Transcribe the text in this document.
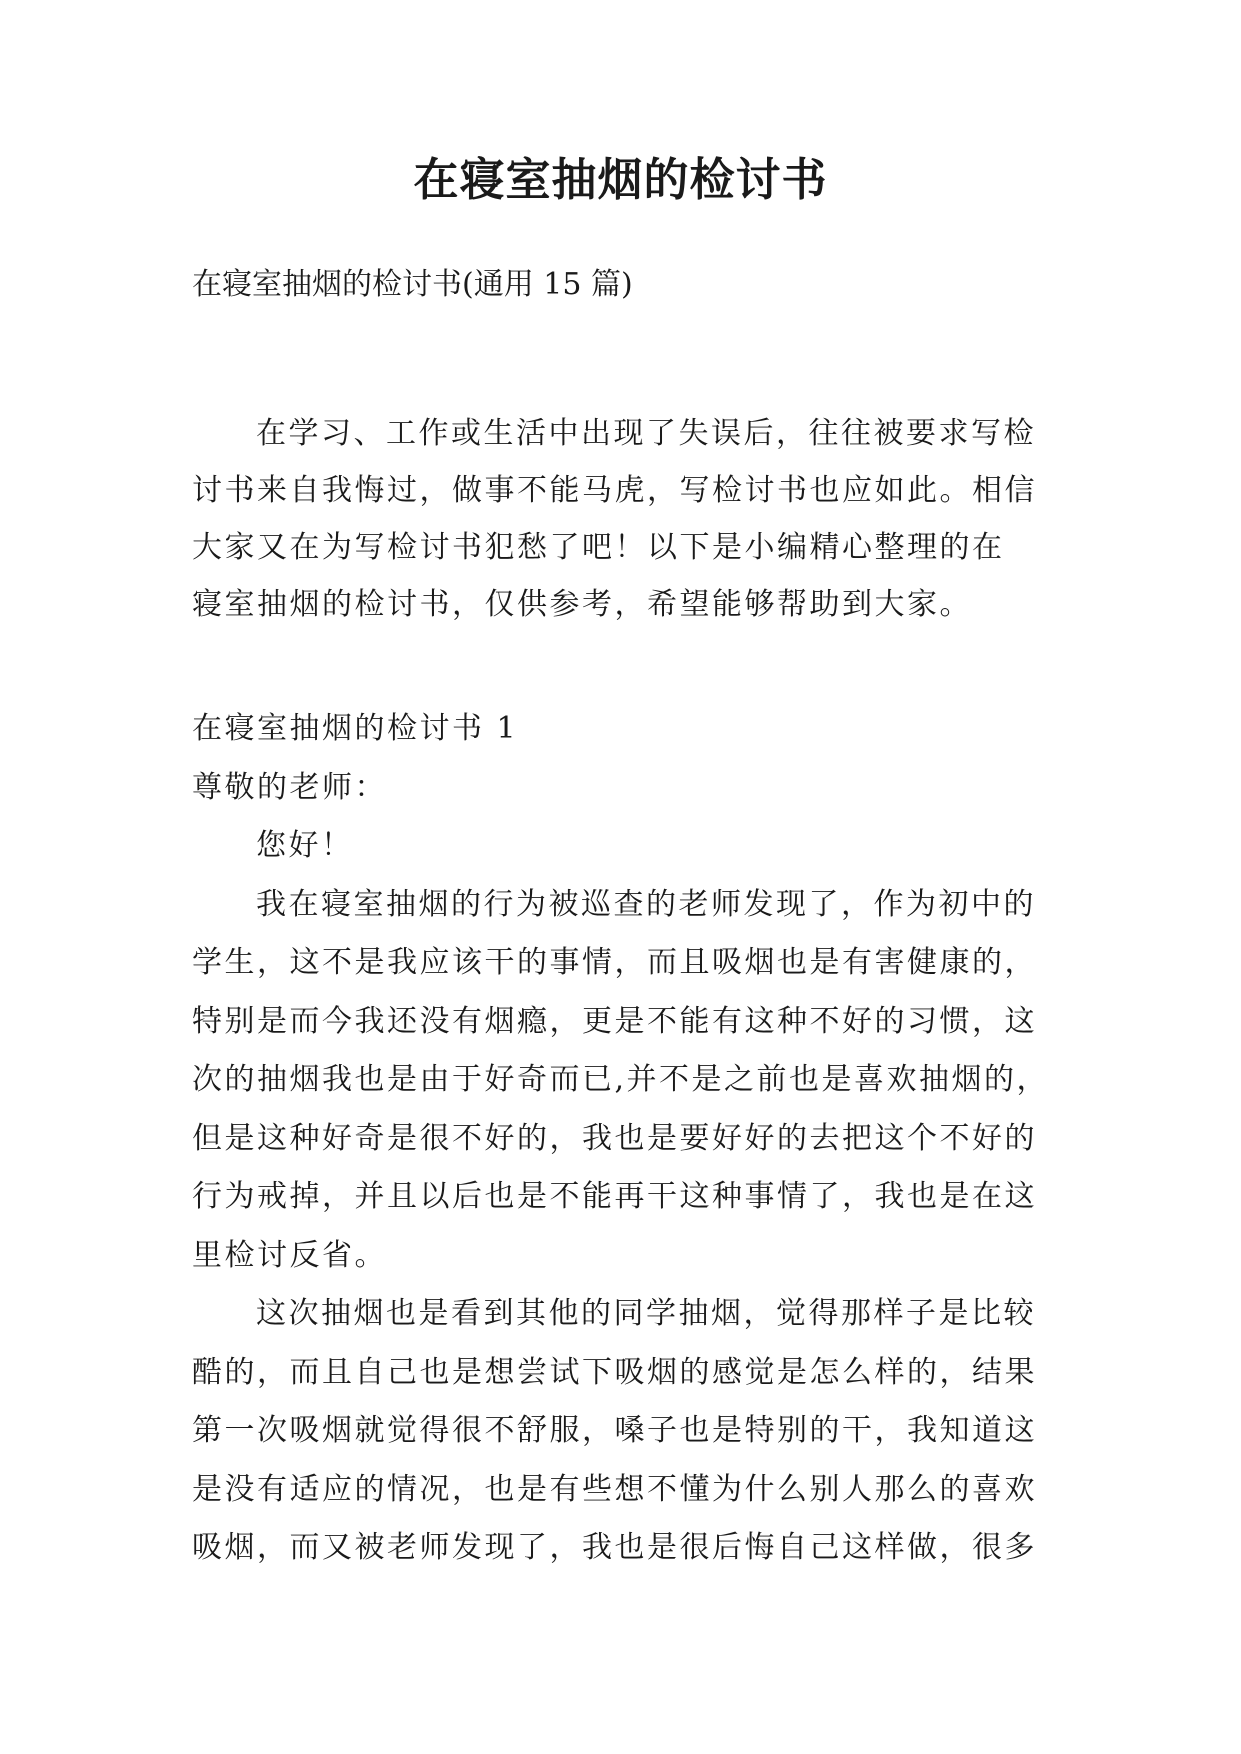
在寝室抽烟的检讨书

在寝室抽烟的检讨书(通用 15 篇)

在学习、工作或生活中出现了失误后，往往被要求写检
讨书来自我悔过，做事不能马虎，写检讨书也应如此。相信
大家又在为写检讨书犯愁了吧！以下是小编精心整理的在
寝室抽烟的检讨书，仅供参考，希望能够帮助到大家。
在寝室抽烟的检讨书 1
尊敬的老师：
您好！
我在寝室抽烟的行为被巡查的老师发现了，作为初中的
学生，这不是我应该干的事情，而且吸烟也是有害健康的，
特别是而今我还没有烟瘾，更是不能有这种不好的习惯，这
次的抽烟我也是由于好奇而已,并不是之前也是喜欢抽烟的，
但是这种好奇是很不好的，我也是要好好的去把这个不好的
行为戒掉，并且以后也是不能再干这种事情了，我也是在这
里检讨反省。
这次抽烟也是看到其他的同学抽烟，觉得那样子是比较
酷的，而且自己也是想尝试下吸烟的感觉是怎么样的，结果
第一次吸烟就觉得很不舒服，嗓子也是特别的干，我知道这
是没有适应的情况，也是有些想不懂为什么别人那么的喜欢
吸烟，而又被老师发现了，我也是很后悔自己这样做，很多
